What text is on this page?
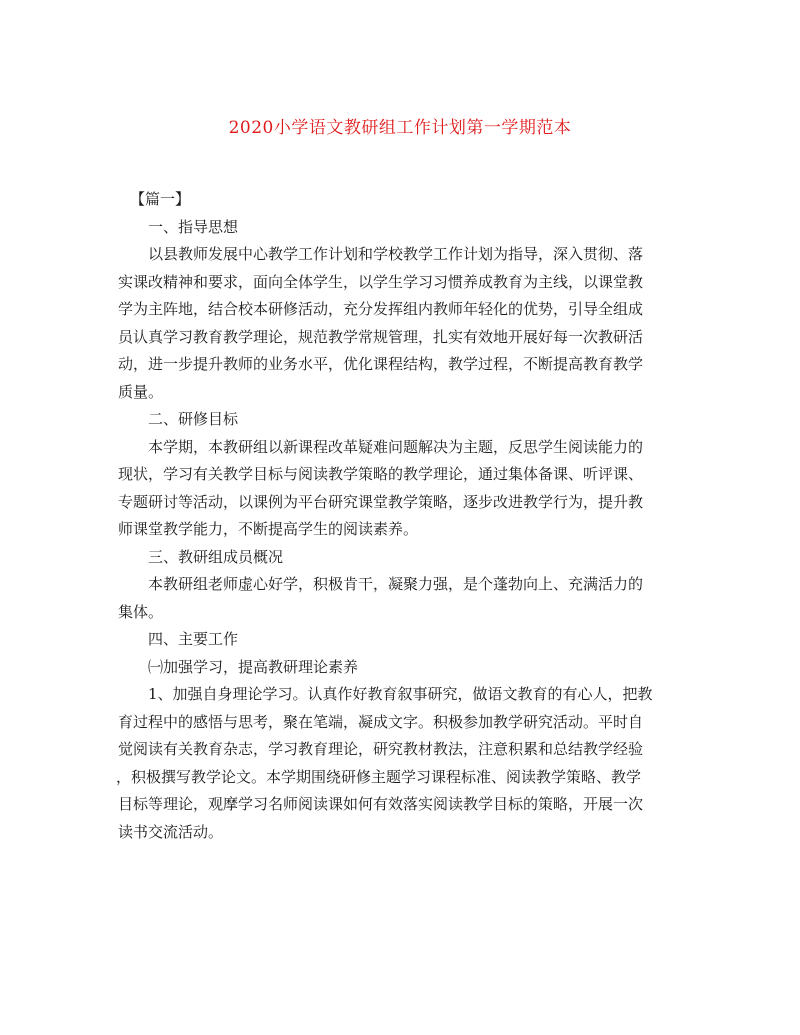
2020小学语文教研组工作计划第一学期范本

【篇一】

一、指导思想

以县教师发展中心教学工作计划和学校教学工作计划为指导，深入贯彻、落

实课改精神和要求，面向全体学生，以学生学习习惯养成教育为主线，以课堂教

学为主阵地，结合校本研修活动，充分发挥组内教师年轻化的优势，引导全组成

员认真学习教育教学理论，规范教学常规管理，扎实有效地开展好每一次教研活

动，进一步提升教师的业务水平，优化课程结构，教学过程，不断提高教育教学

质量。

二、研修目标

本学期，本教研组以新课程改革疑难问题解决为主题，反思学生阅读能力的

现状，学习有关教学目标与阅读教学策略的教学理论，通过集体备课、听评课、

专题研讨等活动，以课例为平台研究课堂教学策略，逐步改进教学行为，提升教

师课堂教学能力，不断提高学生的阅读素养。

三、教研组成员概况

本教研组老师虚心好学，积极肯干，凝聚力强，是个蓬勃向上、充满活力的

集体。

四、主要工作

㈠加强学习，提高教研理论素养

1、加强自身理论学习。认真作好教育叙事研究，做语文教育的有心人，把教

育过程中的感悟与思考，聚在笔端，凝成文字。积极参加教学研究活动。平时自

觉阅读有关教育杂志，学习教育理论，研究教材教法，注意积累和总结教学经验

，积极撰写教学论文。本学期围绕研修主题学习课程标准、阅读教学策略、教学

目标等理论，观摩学习名师阅读课如何有效落实阅读教学目标的策略，开展一次

读书交流活动。
